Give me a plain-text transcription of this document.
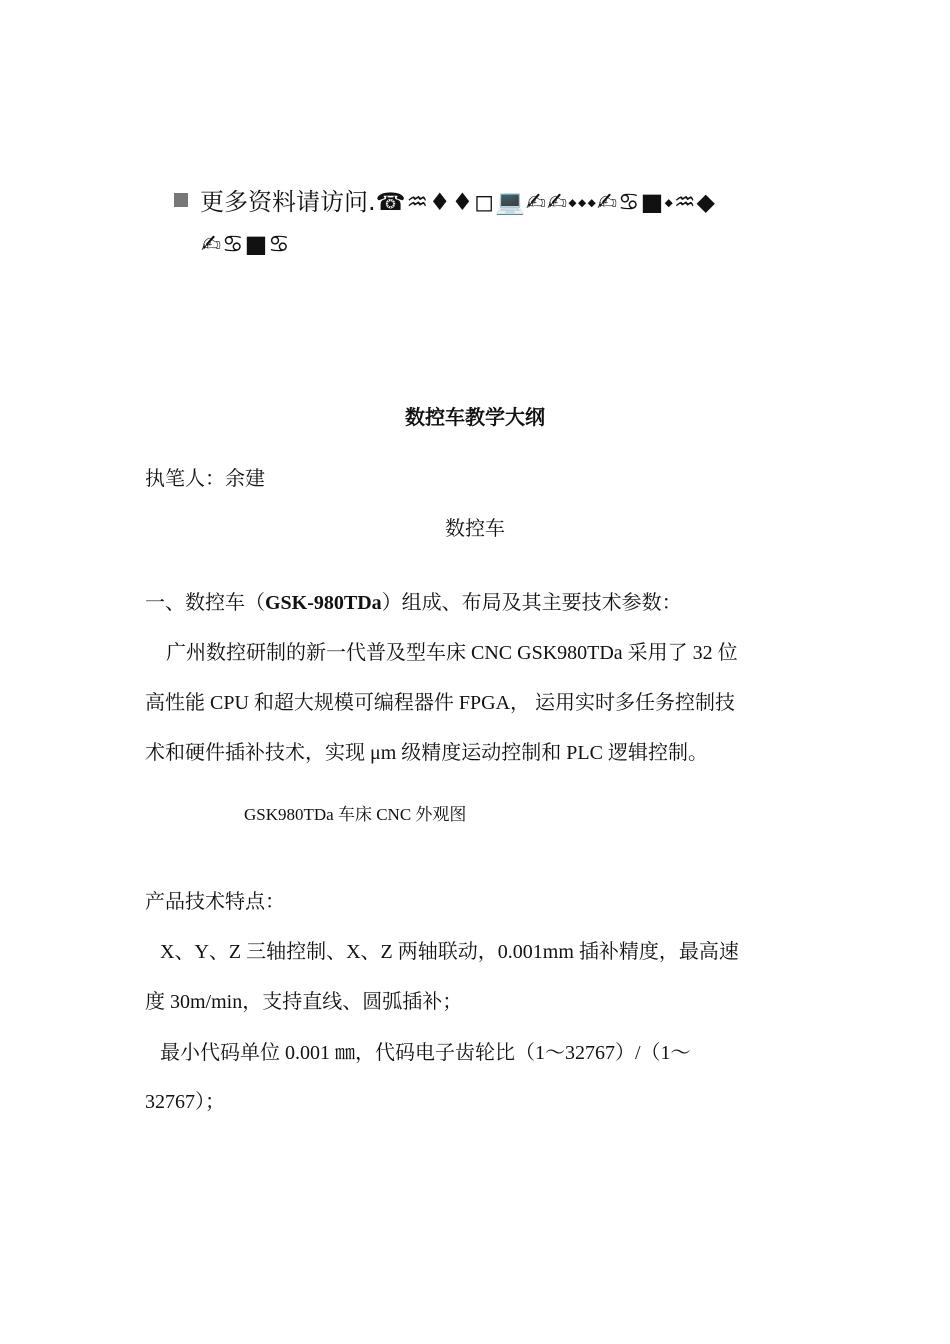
更多资料请访问.☎♒♦♦◻💻✍✍⬩⬩⬩✍♋■⬩♒◆
✍♋■♋
数控车教学大纲
执笔人：余建
数控车
一、数控车（GSK-980TDa）组成、布局及其主要技术参数：
广州数控研制的新一代普及型车床 CNC GSK980TDa 采用了 32 位
高性能 CPU 和超大规模可编程器件 FPGA， 运用实时多任务控制技
术和硬件插补技术，实现 μm 级精度运动控制和 PLC 逻辑控制。
GSK980TDa 车床 CNC 外观图
产品技术特点：
X、Y、Z 三轴控制、X、Z 两轴联动，0.001mm 插补精度，最高速
度 30m/min，支持直线、圆弧插补；
最小代码单位 0.001 ㎜，代码电子齿轮比（1～32767）/（1～
32767）；
